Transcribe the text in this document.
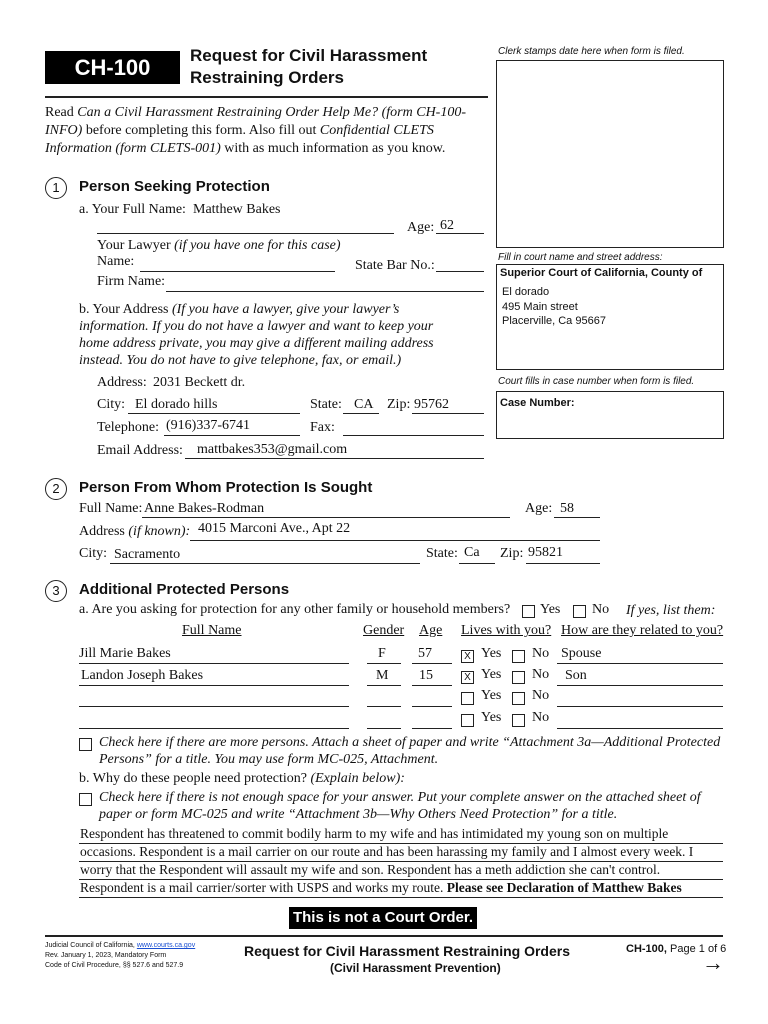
CH-100	Request for Civil Harassment
Restraining Orders
Clerk stamps date here when form is filed.
Fill in court name and street address:
Superior Court of California, County of
El dorado
495 Main street
Placerville, Ca 95667
Court fills in case number when form is filed.
Case Number:
Read Can a Civil Harassment Restraining Order Help Me? (form CH-100-INFO) before completing this form. Also fill out Confidential CLETS Information (form CLETS-001) with as much information as you know.
1	Person Seeking Protection
a. Your Full Name: Matthew Bakes
Age: 62
Your Lawyer (if you have one for this case)
Name:	State Bar No.:
Firm Name:
b. Your Address (If you have a lawyer, give your lawyer’s information. If you do not have a lawyer and want to keep your home address private, you may give a different mailing address instead. You do not have to give telephone, fax, or email.)
Address: 2031 Beckett dr.
City: El dorado hills	State: CA Zip: 95762
Telephone: (916)337-6741	Fax:
Email Address: mattbakes353@gmail.com
2	Person From Whom Protection Is Sought
Full Name: Anne Bakes-Rodman	Age: 58
Address (if known): 4015 Marconi Ave., Apt 22
City: Sacramento	State: Ca Zip: 95821
3	Additional Protected Persons
a. Are you asking for protection for any other family or household members? Yes No If yes, list them:
Full Name	Gender Age Lives with you? How are they related to you?
Jill Marie Bakes	F 57	X Yes No Spouse
Landon Joseph Bakes	M 15	X Yes No Son
Yes No
Yes No
Check here if there are more persons. Attach a sheet of paper and write “Attachment 3a—Additional Protected Persons” for a title. You may use form MC-025, Attachment.
b. Why do these people need protection? (Explain below):
Check here if there is not enough space for your answer. Put your complete answer on the attached sheet of paper or form MC-025 and write “Attachment 3b—Why Others Need Protection” for a title.
Respondent has threatened to commit bodily harm to my wife and has intimidated my young son on multiple
occasions. Respondent is a mail carrier on our route and has been harassing my family and I almost every week. I
worry that the Respondent will assault my wife and son. Respondent has a meth addiction she can't control.
Respondent is a mail carrier/sorter with USPS and works my route. Please see Declaration of Matthew Bakes
This is not a Court Order.
Judicial Council of California, www.courts.ca.gov
Rev. January 1, 2023, Mandatory Form
Code of Civil Procedure, §§ 527.6 and 527.9
Request for Civil Harassment Restraining Orders
(Civil Harassment Prevention)
CH-100, Page 1 of 6
→
